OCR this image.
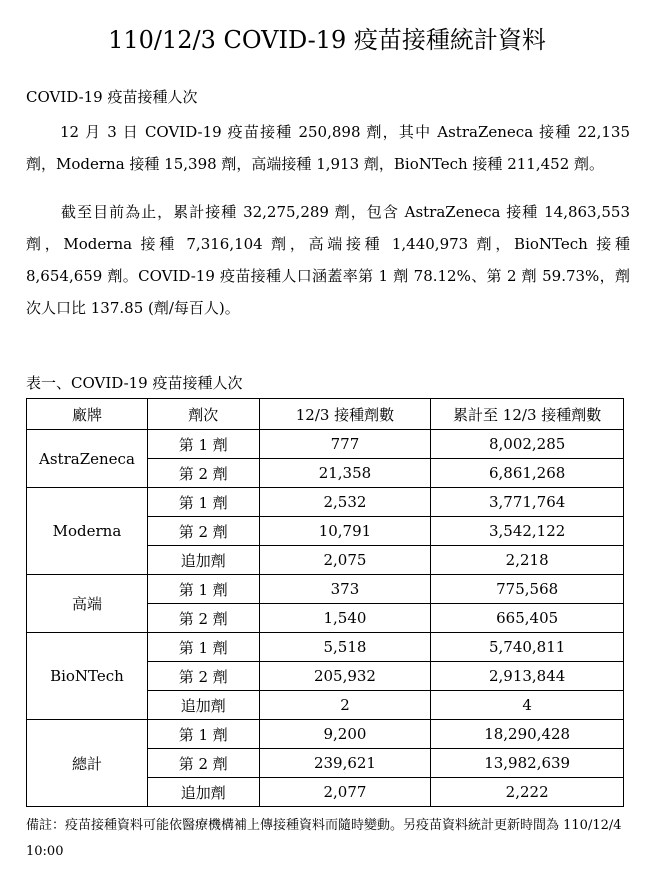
110/12/3 COVID-19 疫苗接種統計資料
COVID-19 疫苗接種人次

12 月 3 日 COVID-19 疫苗接種 250,898 劑，其中 AstraZeneca 接種 22,135 劑，Moderna 接種 15,398 劑，高端接種 1,913 劑，BioNTech 接種 211,452 劑。

截至目前為止，累計接種 32,275,289 劑，包含 AstraZeneca 接種 14,863,553 劑，Moderna 接種 7,316,104 劑，高端接種 1,440,973 劑，BioNTech 接種 8,654,659 劑。COVID-19 疫苗接種人口涵蓋率第 1 劑 78.12%、第 2 劑 59.73%，劑次人口比 137.85 (劑/每百人)。

表一、COVID-19 疫苗接種人次
廠牌	劑次	12/3 接種劑數	累計至 12/3 接種劑數
AstraZeneca	第 1 劑	777	8,002,285
	第 2 劑	21,358	6,861,268
Moderna	第 1 劑	2,532	3,771,764
	第 2 劑	10,791	3,542,122
	追加劑	2,075	2,218
高端	第 1 劑	373	775,568
	第 2 劑	1,540	665,405
BioNTech	第 1 劑	5,518	5,740,811
	第 2 劑	205,932	2,913,844
	追加劑	2	4
總計	第 1 劑	9,200	18,290,428
	第 2 劑	239,621	13,982,639
	追加劑	2,077	2,222
備註：疫苗接種資料可能依醫療機構補上傳接種資料而隨時變動。另疫苗資料統計更新時間為 110/12/4 10:00
